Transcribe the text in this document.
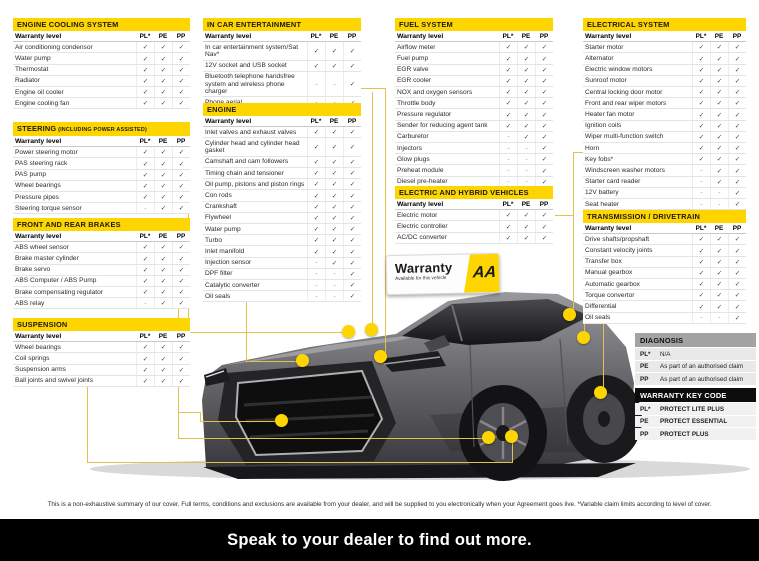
Warranty
Available for this vehicle	AA
ENGINE COOLING SYSTEM
Warranty level	PL*	PE	PP
Air conditioning condensor	✓	✓	✓
Water pump	✓	✓	✓
Thermostat	✓	✓	✓
Radiator	✓	✓	✓
Engine oil cooler	✓	✓	✓
Engine cooling fan	✓	✓	✓
STEERING (INCLUDING POWER ASSISTED)
Warranty level	PL*	PE	PP
Power steering motor	✓	✓	✓
PAS steering rack	✓	✓	✓
PAS pump	✓	✓	✓
Wheel bearings	✓	✓	✓
Pressure pipes	✓	✓	✓
Steering torque sensor	-	✓	✓
FRONT AND REAR BRAKES
Warranty level	PL*	PE	PP
ABS wheel sensor	✓	✓	✓
Brake master cylinder	✓	✓	✓
Brake servo	✓	✓	✓
ABS Computer / ABS Pump	✓	✓	✓
Brake compensating regulator	✓	✓	✓
ABS relay	-	✓	✓
SUSPENSION
Warranty level	PL*	PE	PP
Wheel bearings	✓	✓	✓
Coil springs	✓	✓	✓
Suspension arms	✓	✓	✓
Ball joints and swivel joints	✓	✓	✓
IN CAR ENTERTAINMENT
Warranty level	PL*	PE	PP
In car entertainment system/Sat Nav*	✓	✓	✓
12V socket and USB socket	✓	✓	✓
Bluetooth telephone handsfree system and wireless phone charger
-	-	✓
ENGINE
Warranty level	PL*	PE	PP
Inlet valves and exhaust valves	✓	✓	✓
Cylinder head and cylinder head gasket	✓	✓	✓
Camshaft and cam followers	✓	✓	✓
Timing chain and tensioner	✓	✓	✓
Oil pump, pistons and piston rings	✓	✓	✓
Con rods	✓	✓	✓
Crankshaft	✓	✓	✓
Flywheel	✓	✓	✓
Water pump	✓	✓	✓
Turbo	✓	✓	✓
Inlet manifold	✓	✓	✓
Injection sensor	-	✓	✓
DPF filter	-	-	✓
Catalytic converter	-	-	✓
Oil seals	-	-	✓
FUEL SYSTEM
Warranty level	PL*	PE	PP
Airflow meter	✓	✓	✓
Fuel pump	✓	✓	✓
EGR valve	✓	✓	✓
EGR cooler	✓	✓	✓
NOX and oxygen sensors	✓	✓	✓
Throttle body	✓	✓	✓
Pressure regulator	✓	✓	✓
Sender for reducing agent tank	✓	✓	✓
Carburetor	-	✓	✓
Injectors	-	-	✓
Glow plugs	-	-	✓
Preheat module	-	-	✓
Diesel pre-heater	-	-	✓
ELECTRIC AND HYBRID VEHICLES
Warranty level	PL*	PE	PP
Electric motor	✓	✓	✓
Electric controller	✓	✓	✓
AC/DC converter	✓	✓	✓
ELECTRICAL SYSTEM
Warranty level	PL*	PE	PP
Starter motor	✓	✓	✓
Alternator	✓	✓	✓
Electric window motors	✓	✓	✓
Sunroof motor	✓	✓	✓
Central locking door motor	✓	✓	✓
Front and rear wiper motors	✓	✓	✓
Heater fan motor	✓	✓	✓
Ignition coils	✓	✓	✓
Wiper multi-function switch	✓	✓	✓
Horn	✓	✓	✓
Key fobs*	✓	✓	✓
Windscreen washer motors	-	✓	✓
Starter card reader	-	✓	✓
12V battery	-	-	✓
Seat heater	-	-	✓
TRANSMISSION / DRIVETRAIN
Warranty level	PL*	PE	PP
Drive shafts/propshaft	✓	✓	✓
Constant velocity joints	✓	✓	✓
Transfer box	✓	✓	✓
Manual gearbox	✓	✓	✓
Automatic gearbox	✓	✓	✓
Torque convertor	✓	✓	✓
Differential	✓	✓	✓
Oil seals	-	-	✓
DIAGNOSIS
PL*	N/A
PE	As part of an authorised claim
PP	As part of an authorised claim
WARRANTY KEY CODE
PL*	PROTECT LITE PLUS
PE	PROTECT ESSENTIAL
PP	PROTECT PLUS
This is a non-exhaustive summary of our cover. Full terms, conditions and exclusions are available from your dealer, and will be supplied to you electronically when your Agreement goes live. *Variable claim limits according to level of cover.
Speak to your dealer to find out more.
